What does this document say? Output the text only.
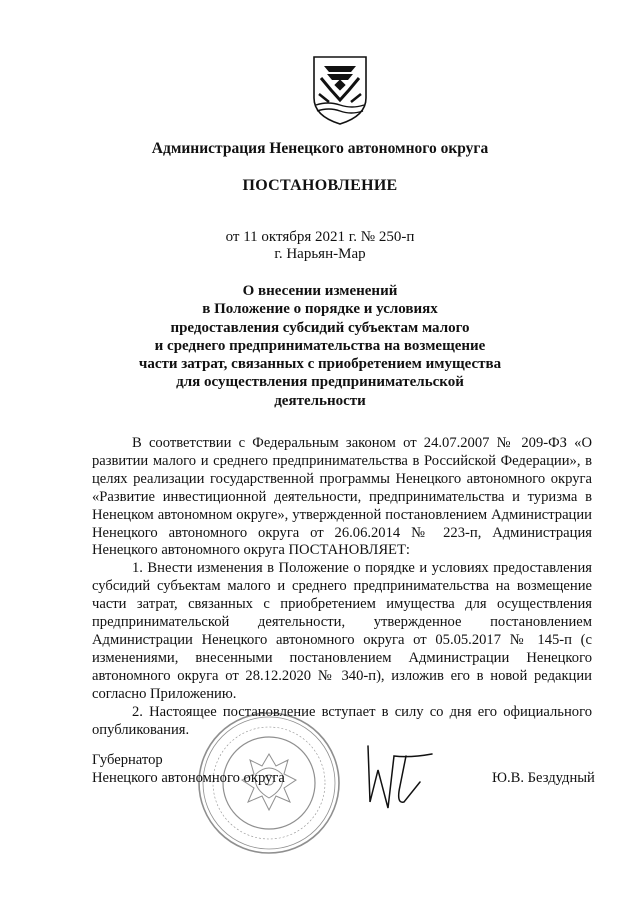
Администрация Ненецкого автономного округа
ПОСТАНОВЛЕНИЕ
от 11 октября 2021 г. № 250-п
г. Нарьян-Мар
О внесении изменений
в Положение о порядке и условиях
предоставления субсидий субъектам малого
и среднего предпринимательства на возмещение
части затрат, связанных с приобретением имущества
для осуществления предпринимательской
деятельности

В соответствии с Федеральным законом от 24.07.2007 № 209-ФЗ «О развитии малого и среднего предпринимательства в Российской Федерации», в целях реализации государственной программы Ненецкого автономного округа «Развитие инвестиционной деятельности, предпринимательства и туризма в Ненецком автономном округе», утвержденной постановлением Администрации Ненецкого автономного округа от 26.06.2014 № 223-п, Администрация Ненецкого автономного округа ПОСТАНОВЛЯЕТ:

1. Внести изменения в Положение о порядке и условиях предоставления субсидий субъектам малого и среднего предпринимательства на возмещение части затрат, связанных с приобретением имущества для осуществления предпринимательской деятельности, утвержденное постановлением Администрации Ненецкого автономного округа от 05.05.2017 № 145-п (с изменениями, внесенными постановлением Администрации Ненецкого автономного округа от 28.12.2020 № 340-п), изложив его в новой редакции согласно Приложению.

2. Настоящее постановление вступает в силу со дня его официального опубликования.

Губернатор
Ненецкого автономного округа	Ю.В. Бездудный
